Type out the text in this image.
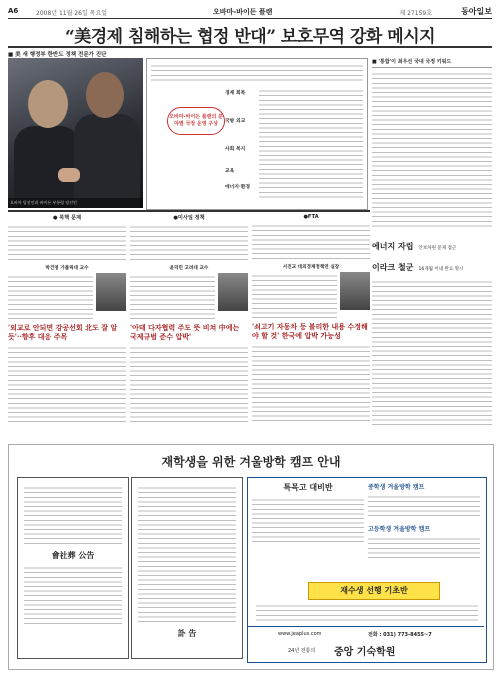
A6	2008년 11월 26일 목요일	오바마-바이든 플랜	제 27159호	동아일보
“美경제 침해하는 협정 반대” 보호무역 강화 메시지
■ 美 새 행정부 한반도 정책 전문가 진단
오바마 당선인과 바이든 부통령 당선인
오바마-바이든 플랜의 분야별 국정 운영 구상
경제 회복
국방 외교
사회 복지
교육
에너지·환경
■ '통합'이 최우선 국내 국정 키워드
에너지 자립 안보차원 문제 접근
이라크 철군 16개월 이내 완료 명시
● 북핵 문제
박건영 가톨릭대 교수
'외교로 안되면 강공선회 北도 잘 알듯'··향후 대응 주목
●미사일 정책
윤덕민 고려대 교수
'아태 다자협력 주도 뜻 비쳐 中에는 국제규범 준수 압박'
●FTA
서진교 대외경제정책연 실장
'쇠고기 자동차 등 불리한 내용 수정해야 할 것' 한국에 압박 가능성
재학생을 위한 겨울방학 캠프 안내
會社葬 公告
訃 告
특목고 대비반	중학생 겨울방학 캠프
고등학생 겨울방학 캠프
재수생 선행 기초반
www.jeaplus.com	전화 : 031) 773-8455~7
24년 전통의 중앙 기숙학원
